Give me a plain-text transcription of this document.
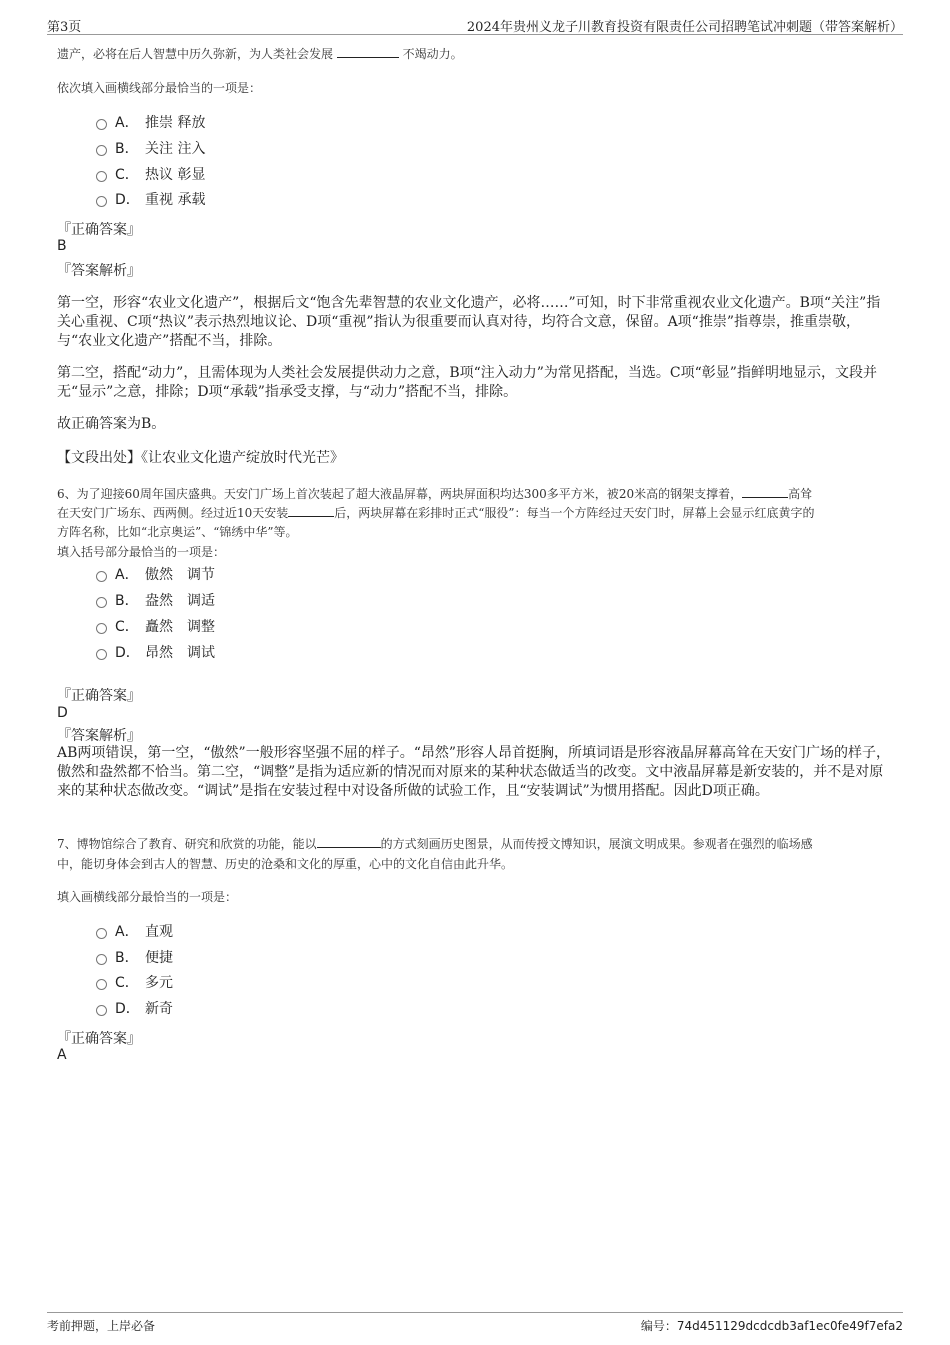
第3页	2024年贵州义龙子川教育投资有限责任公司招聘笔试冲刺题（带答案解析）
遗产，必将在后人智慧中历久弥新，为人类社会发展	不竭动力。
依次填入画横线部分最恰当的一项是：
A． 推崇 释放
B． 关注 注入
C． 热议 彰显
D． 重视 承载
『正确答案』
B
『答案解析』
第一空，形容“农业文化遗产”，根据后文“饱含先辈智慧的农业文化遗产，必将……”可知，时下非常重视农业文化遗产。B项“关注”指关心重视、C项“热议”表示热烈地议论、D项“重视”指认为很重要而认真对待，均符合文意，保留。A项“推崇”指尊崇，推重崇敬，与“农业文化遗产”搭配不当，排除。
第二空，搭配“动力”，且需体现为人类社会发展提供动力之意，B项“注入动力”为常见搭配，当选。C项“彰显”指鲜明地显示，文段并无“显示”之意，排除；D项“承载”指承受支撑，与“动力”搭配不当，排除。
故正确答案为B。
【文段出处】《让农业文化遗产绽放时代光芒》
6、为了迎接60周年国庆盛典。天安门广场上首次装起了超大液晶屏幕，两块屏面积均达300多平方米，被20米高的钢架支撑着，	高耸
在天安门广场东、西两侧。经过近10天安装	后，两块屏幕在彩排时正式“服役”：每当一个方阵经过天安门时，屏幕上会显示红底黄字的
方阵名称，比如“北京奥运”、“锦绣中华”等。
填入括号部分最恰当的一项是：
A． 傲然　调节
B． 盎然　调适
C． 矗然　调整
D． 昂然　调试
『正确答案』
D
『答案解析』
AB两项错误，第一空，“傲然”一般形容坚强不屈的样子。“昂然”形容人昂首挺胸，所填词语是形容液晶屏幕高耸在天安门广场的样子，傲然和盎然都不恰当。第二空，“调整”是指为适应新的情况而对原来的某种状态做适当的改变。文中液晶屏幕是新安装的，并不是对原来的某种状态做改变。“调试”是指在安装过程中对设备所做的试验工作，且“安装调试”为惯用搭配。因此D项正确。
7、博物馆综合了教育、研究和欣赏的功能，能以	的方式刻画历史图景，从而传授文博知识，展演文明成果。参观者在强烈的临场感
中，能切身体会到古人的智慧、历史的沧桑和文化的厚重，心中的文化自信由此升华。
填入画横线部分最恰当的一项是：
A． 直观
B． 便捷
C． 多元
D． 新奇
『正确答案』
A
考前押题，上岸必备	编号：74d451129dcdcdb3af1ec0fe49f7efa2
